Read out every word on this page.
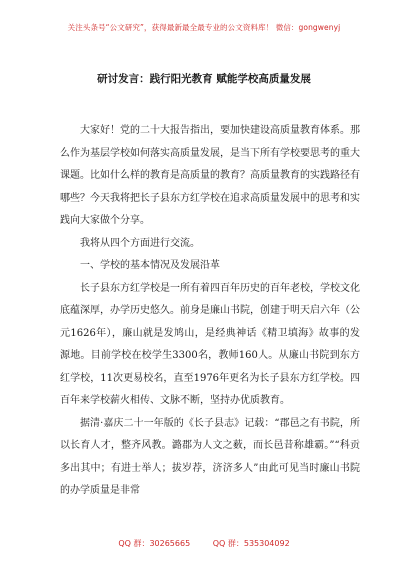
关注头条号“公文研究”，获得最新最全最专业的公文资料库！ 微信：gongwenyj
研讨发言：践行阳光教育 赋能学校高质量发展

大家好！党的二十大报告指出，要加快建设高质量教育体系。那么作为基层学校如何落实高质量发展，是当下所有学校要思考的重大课题。比如什么样的教育是高质量的教育？高质量教育的实践路径有哪些？今天我将把长子县东方红学校在追求高质量发展中的思考和实践向大家做个分享。

我将从四个方面进行交流。

一、学校的基本情况及发展沿革

长子县东方红学校是一所有着四百年历史的百年老校，学校文化底蕴深厚，办学历史悠久。前身是廉山书院，创建于明天启六年（公元1626年），廉山就是发鸠山，是经典神话《精卫填海》故事的发源地。目前学校在校学生3300名，教师160人。从廉山书院到东方红学校，11次更易校名，直至1976年更名为长子县东方红学校。四百年来学校薪火相传、文脉不断，坚持办优质教育。

据清·嘉庆二十一年版的《长子县志》记载：“郡邑之有书院，所以长育人才，整齐风教。潞郡为人文之薮，而长邑昔称雄霸。”“科贡多出其中；有进士举人；拔岁荐，济济多人”由此可见当时廉山书院的办学质量是非常

QQ 群：30265665	QQ 群：535304092
